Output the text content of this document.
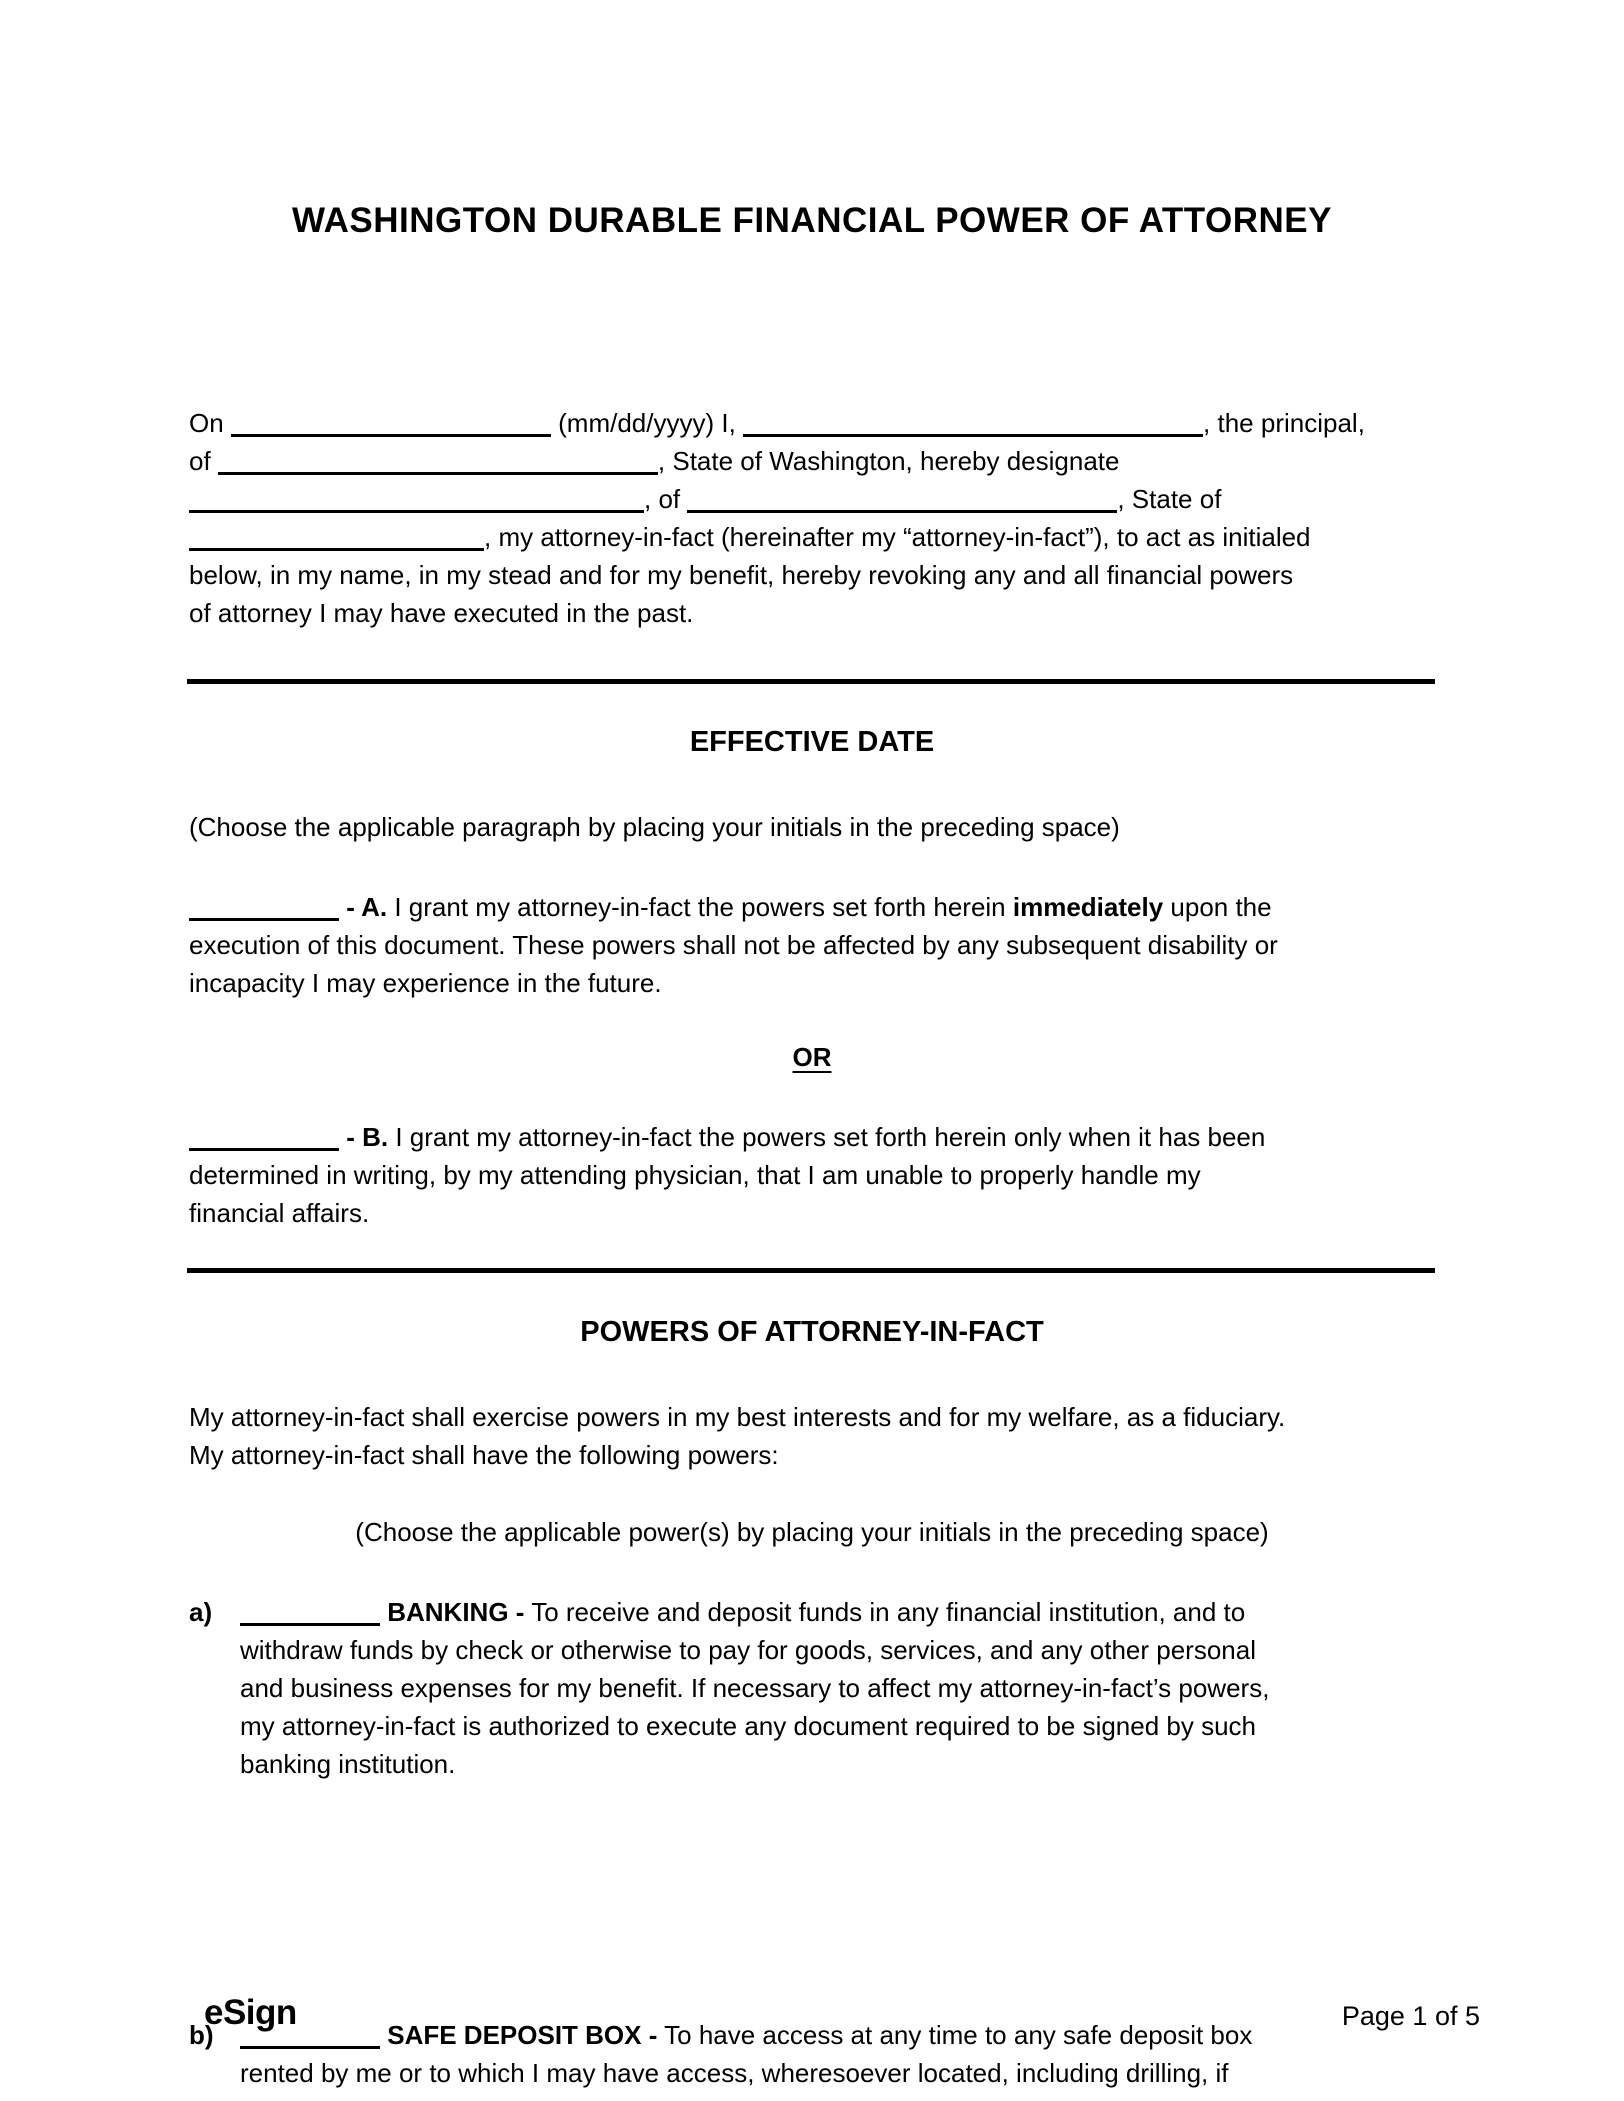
WASHINGTON DURABLE FINANCIAL POWER OF ATTORNEY
On	(mm/dd/yyyy) I,	, the principal,
of	, State of Washington, hereby designate
, of	, State of
, my attorney-in-fact (hereinafter my “attorney-in-fact”), to act as initialed
below, in my name, in my stead and for my benefit, hereby revoking any and all financial powers
of attorney I may have executed in the past.
EFFECTIVE DATE
(Choose the applicable paragraph by placing your initials in the preceding space)
- A. I grant my attorney-in-fact the powers set forth herein immediately upon the
execution of this document. These powers shall not be affected by any subsequent disability or
incapacity I may experience in the future.
OR
- B. I grant my attorney-in-fact the powers set forth herein only when it has been
determined in writing, by my attending physician, that I am unable to properly handle my
financial affairs.
POWERS OF ATTORNEY-IN-FACT
My attorney-in-fact shall exercise powers in my best interests and for my welfare, as a fiduciary.
My attorney-in-fact shall have the following powers:
(Choose the applicable power(s) by placing your initials in the preceding space)
a)	BANKING - To receive and deposit funds in any financial institution, and to
withdraw funds by check or otherwise to pay for goods, services, and any other personal
and business expenses for my benefit. If necessary to affect my attorney-in-fact’s powers,
my attorney-in-fact is authorized to execute any document required to be signed by such
banking institution.
b)	SAFE DEPOSIT BOX - To have access at any time to any safe deposit box
rented by me or to which I may have access, wheresoever located, including drilling, if
eSign	Page 1 of 5
